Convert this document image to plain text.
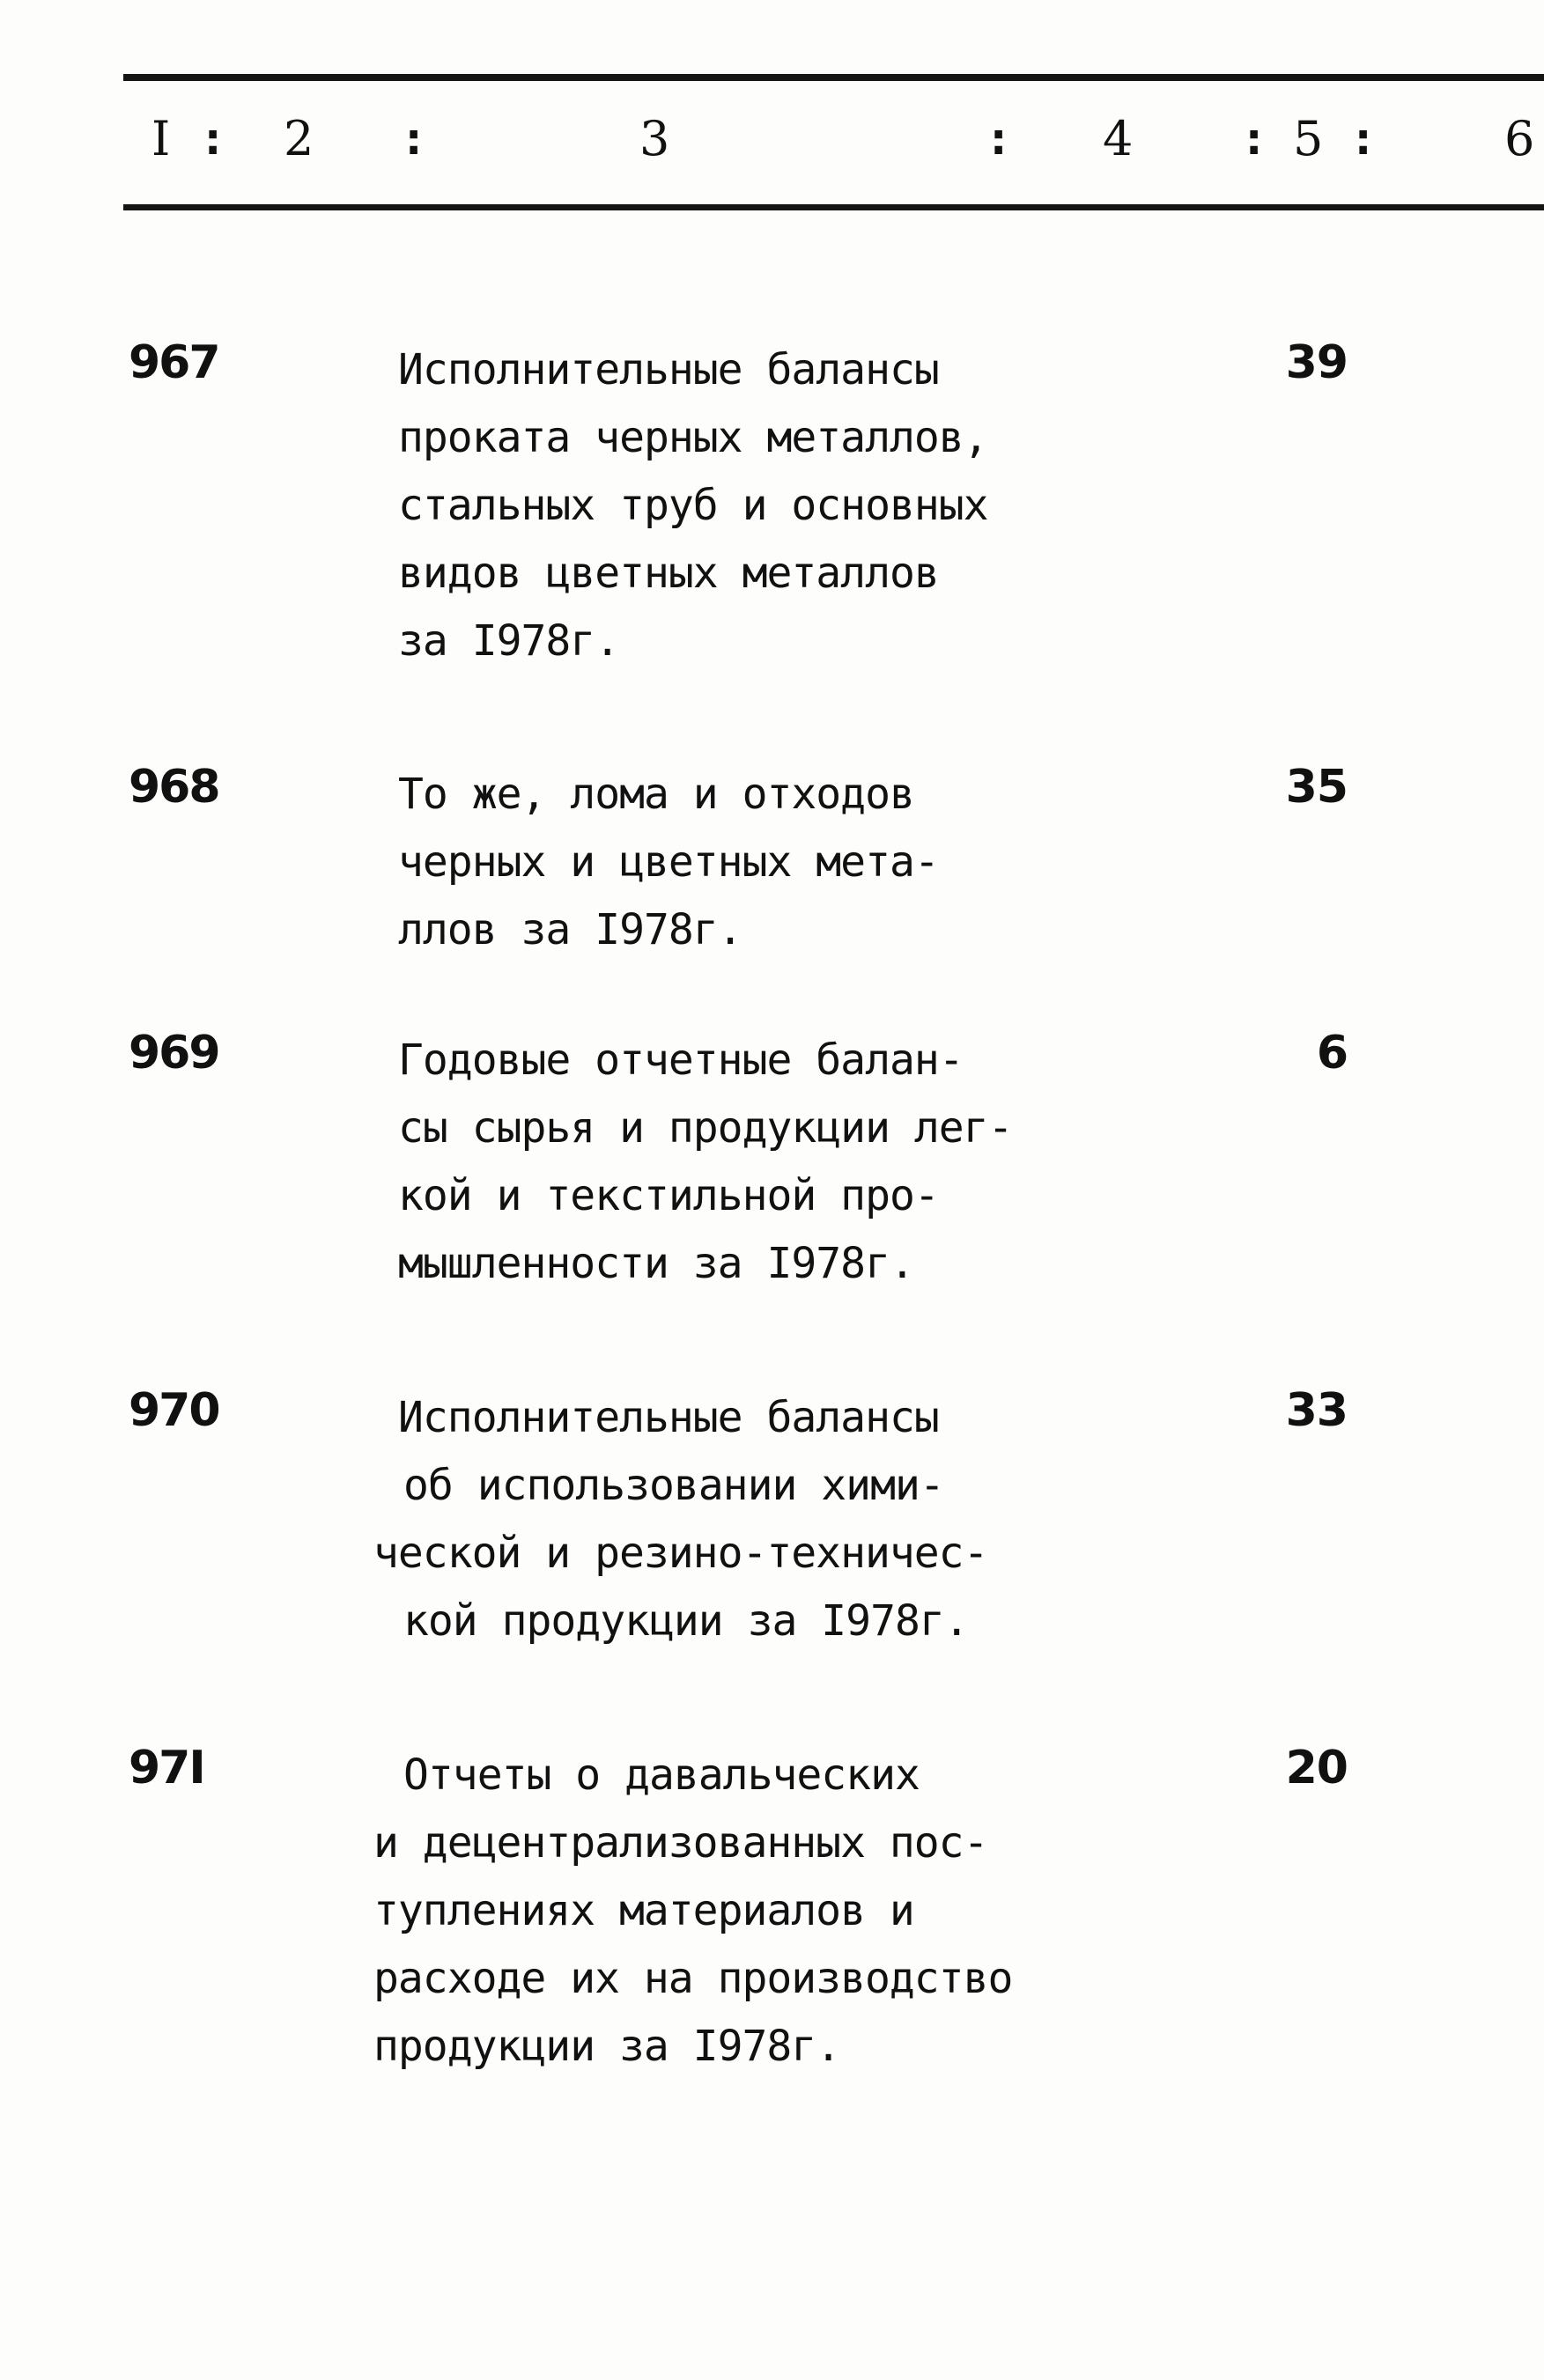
I : 2 :	3	: 4 : 5 :	6
967	Исполнительные балансы
проката черных металлов,
стальных труб и основных
видов цветных металлов
за I978г.
39
968	То же, лома и отходов
черных и цветных мета-
ллов за I978г.
35
969	Годовые отчетные балан-
сы сырья и продукции лег-
кой и текстильной про-
мышленности за I978г.
6
970	Исполнительные балансы
об использовании хими-
ческой и резино-техничес-
кой продукции за I978г.
33
97I	Отчеты о давальческих
и децентрализованных пос-
туплениях материалов и
расходе их на производство
продукции за I978г.
20
